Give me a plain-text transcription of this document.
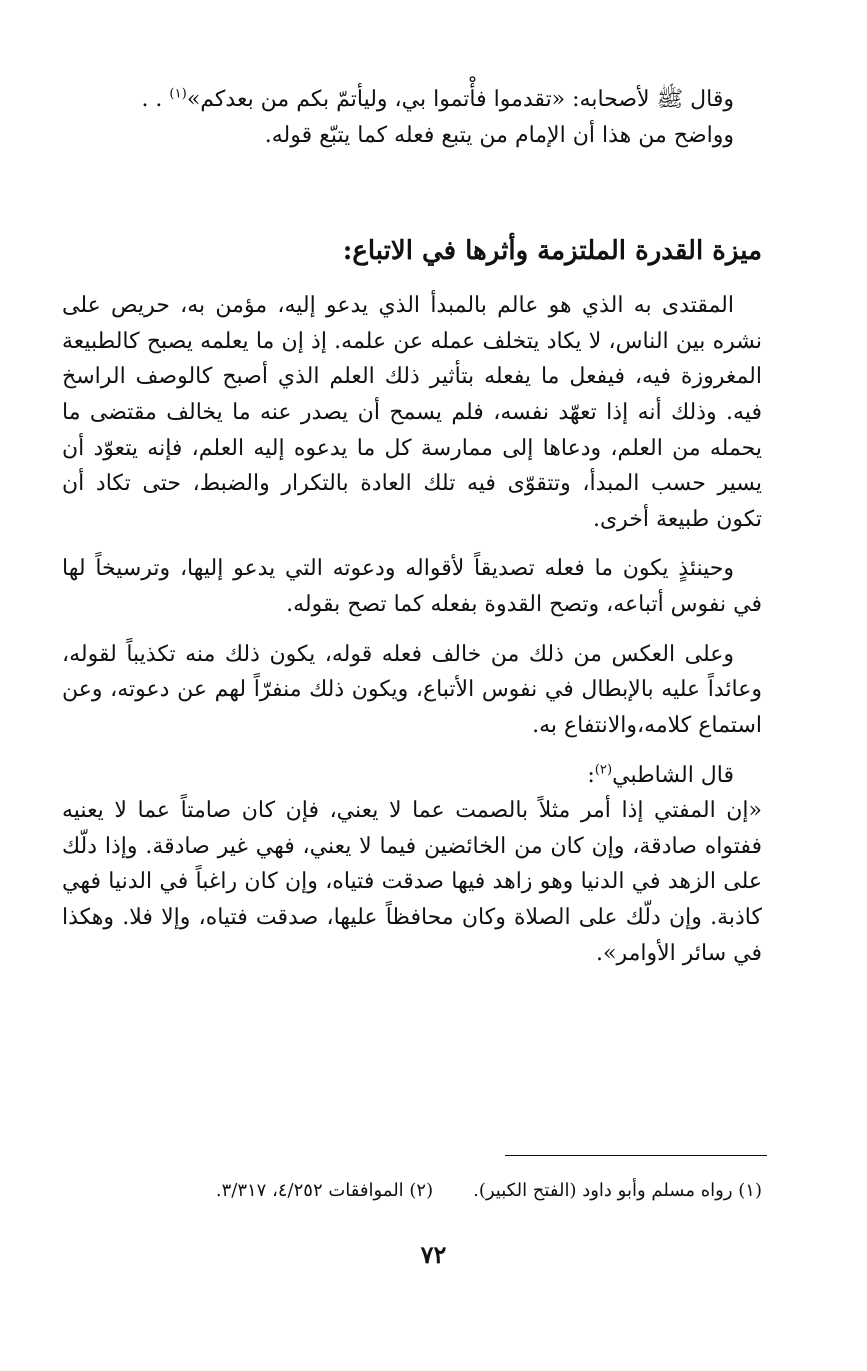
وقال ﷺ لأصحابه: «تقدموا فأْتموا بي، وليأتمّ بكم من بعدكم»$^{(١)}$ . .

وواضح من هذا أن الإمام من يتبع فعله كما يتبّع قوله.

ميزة القدرة الملتزمة وأثرها في الاتباع:

المقتدى به الذي هو عالم بالمبدأ الذي يدعو إليه، مؤمن به، حريص على نشره بين الناس، لا يكاد يتخلف عمله عن علمه. إذ إن ما يعلمه يصبح كالطبيعة المغروزة فيه، فيفعل ما يفعله بتأثير ذلك العلم الذي أصبح كالوصف الراسخ فيه. وذلك أنه إذا تعهّد نفسه، فلم يسمح أن يصدر عنه ما يخالف مقتضى ما يحمله من العلم، ودعاها إلى ممارسة كل ما يدعوه إليه العلم، فإنه يتعوّد أن يسير حسب المبدأ، وتتقوّى فيه تلك العادة بالتكرار والضبط، حتى تكاد أن تكون طبيعة أخرى.

وحينئذٍ يكون ما فعله تصديقاً لأقواله ودعوته التي يدعو إليها، وترسيخاً لها في نفوس أتباعه، وتصح القدوة بفعله كما تصح بقوله.

وعلى العكس من ذلك من خالف فعله قوله، يكون ذلك منه تكذيباً لقوله، وعائداً عليه بالإبطال في نفوس الأتباع، ويكون ذلك منفرّاً لهم عن دعوته، وعن استماع كلامه،والانتفاع به.

قال الشاطبي$^{(٢)}$:

«إن المفتي إذا أمر مثلاً بالصمت عما لا يعني، فإن كان صامتاً عما لا يعنيه ففتواه صادقة، وإن كان من الخائضين فيما لا يعني، فهي غير صادقة. وإذا دلّك على الزهد في الدنيا وهو زاهد فيها صدقت فتياه، وإن كان راغباً في الدنيا فهي كاذبة. وإن دلّك على الصلاة وكان محافظاً عليها، صدقت فتياه، وإلا فلا. وهكذا في سائر الأوامر».

(١) رواه مسلم وأبو داود (الفتح الكبير).
(٢) الموافقات ٤/٢٥٢، ٣/٣١٧.
٧٢
